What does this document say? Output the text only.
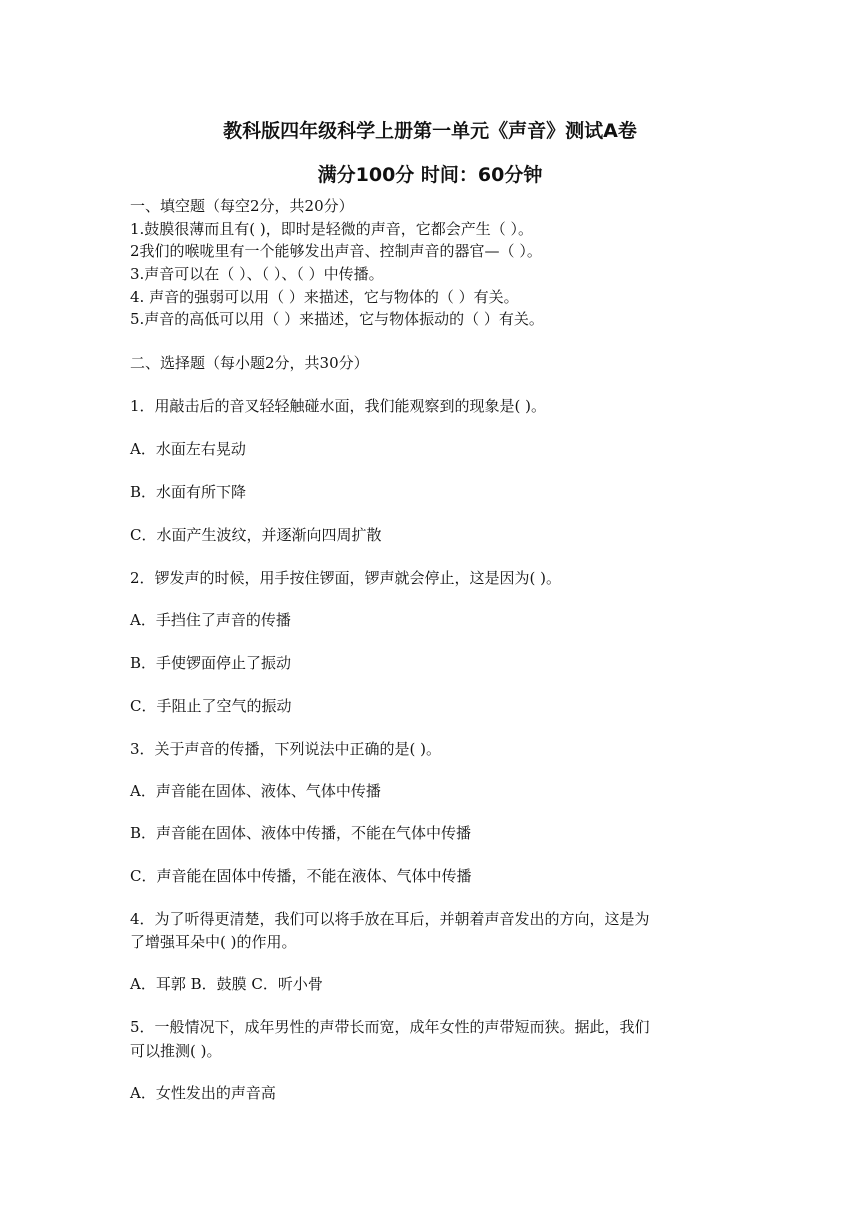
教科版四年级科学上册第一单元《声音》测试A卷
满分100分 时间：60分钟
一、填空题（每空2分，共20分）
1.鼓膜很薄而且有( )，即时是轻微的声音，它都会产生（ ）。
2我们的喉咙里有一个能够发出声音、控制声音的器官—（ ）。
3.声音可以在（ ）、（ ）、（ ）中传播。
4. 声音的强弱可以用（ ）来描述，它与物体的（ ）有关。
5.声音的高低可以用（ ）来描述，它与物体振动的（ ）有关。
二、选择题（每小题2分，共30分）
1．用敲击后的音叉轻轻触碰水面，我们能观察到的现象是( )。
A．水面左右晃动
B．水面有所下降
C．水面产生波纹，并逐渐向四周扩散
2．锣发声的时候，用手按住锣面，锣声就会停止，这是因为( )。
A．手挡住了声音的传播
B．手使锣面停止了振动
C．手阻止了空气的振动
3．关于声音的传播，下列说法中正确的是( )。
A．声音能在固体、液体、气体中传播
B．声音能在固体、液体中传播，不能在气体中传播
C．声音能在固体中传播，不能在液体、气体中传播
4．为了听得更清楚，我们可以将手放在耳后，并朝着声音发出的方向，这是为
了增强耳朵中( )的作用。
A．耳郭 B．鼓膜 C．听小骨
5．一般情况下，成年男性的声带长而宽，成年女性的声带短而狭。据此，我们
可以推测( )。
A．女性发出的声音高
